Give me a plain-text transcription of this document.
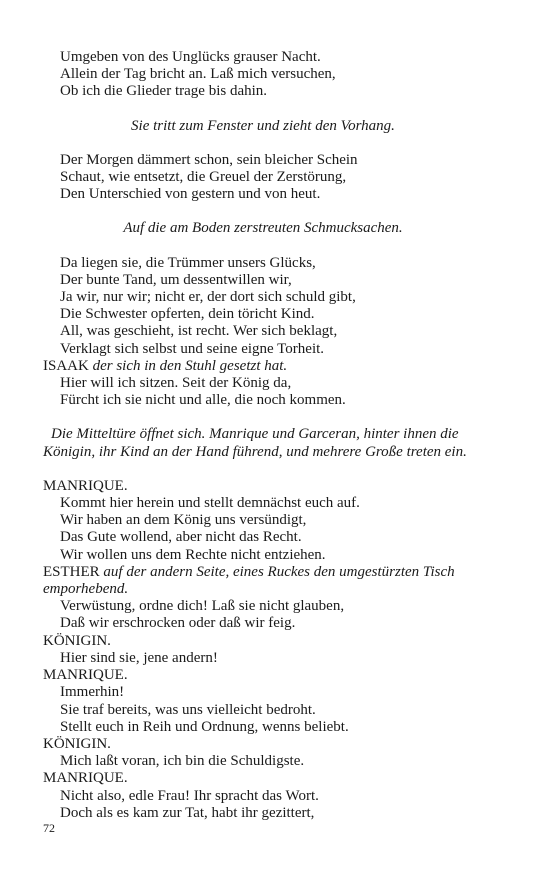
Umgeben von des Unglücks grauser Nacht.
Allein der Tag bricht an. Laß mich versuchen,
Ob ich die Glieder trage bis dahin.
Sie tritt zum Fenster und zieht den Vorhang.
Der Morgen dämmert schon, sein bleicher Schein
Schaut, wie entsetzt, die Greuel der Zerstörung,
Den Unterschied von gestern und von heut.
Auf die am Boden zerstreuten Schmucksachen.
Da liegen sie, die Trümmer unsers Glücks,
Der bunte Tand, um dessentwillen wir,
Ja wir, nur wir; nicht er, der dort sich schuld gibt,
Die Schwester opferten, dein töricht Kind.
All, was geschieht, ist recht. Wer sich beklagt,
Verklagt sich selbst und seine eigne Torheit.
ISAAK der sich in den Stuhl gesetzt hat.
Hier will ich sitzen. Seit der König da,
Fürcht ich sie nicht und alle, die noch kommen.
Die Mitteltüre öffnet sich. Manrique und Garceran, hinter ihnen die
Königin, ihr Kind an der Hand führend, und mehrere Große treten ein.
MANRIQUE.
Kommt hier herein und stellt demnächst euch auf.
Wir haben an dem König uns versündigt,
Das Gute wollend, aber nicht das Recht.
Wir wollen uns dem Rechte nicht entziehen.
ESTHER auf der andern Seite, eines Ruckes den umgestürzten Tisch
emporhebend.
Verwüstung, ordne dich! Laß sie nicht glauben,
Daß wir erschrocken oder daß wir feig.
KÖNIGIN.
Hier sind sie, jene andern!
MANRIQUE.
Immerhin!
Sie traf bereits, was uns vielleicht bedroht.
Stellt euch in Reih und Ordnung, wenns beliebt.
KÖNIGIN.
Mich laßt voran, ich bin die Schuldigste.
MANRIQUE.
Nicht also, edle Frau! Ihr spracht das Wort.
Doch als es kam zur Tat, habt ihr gezittert,
72
